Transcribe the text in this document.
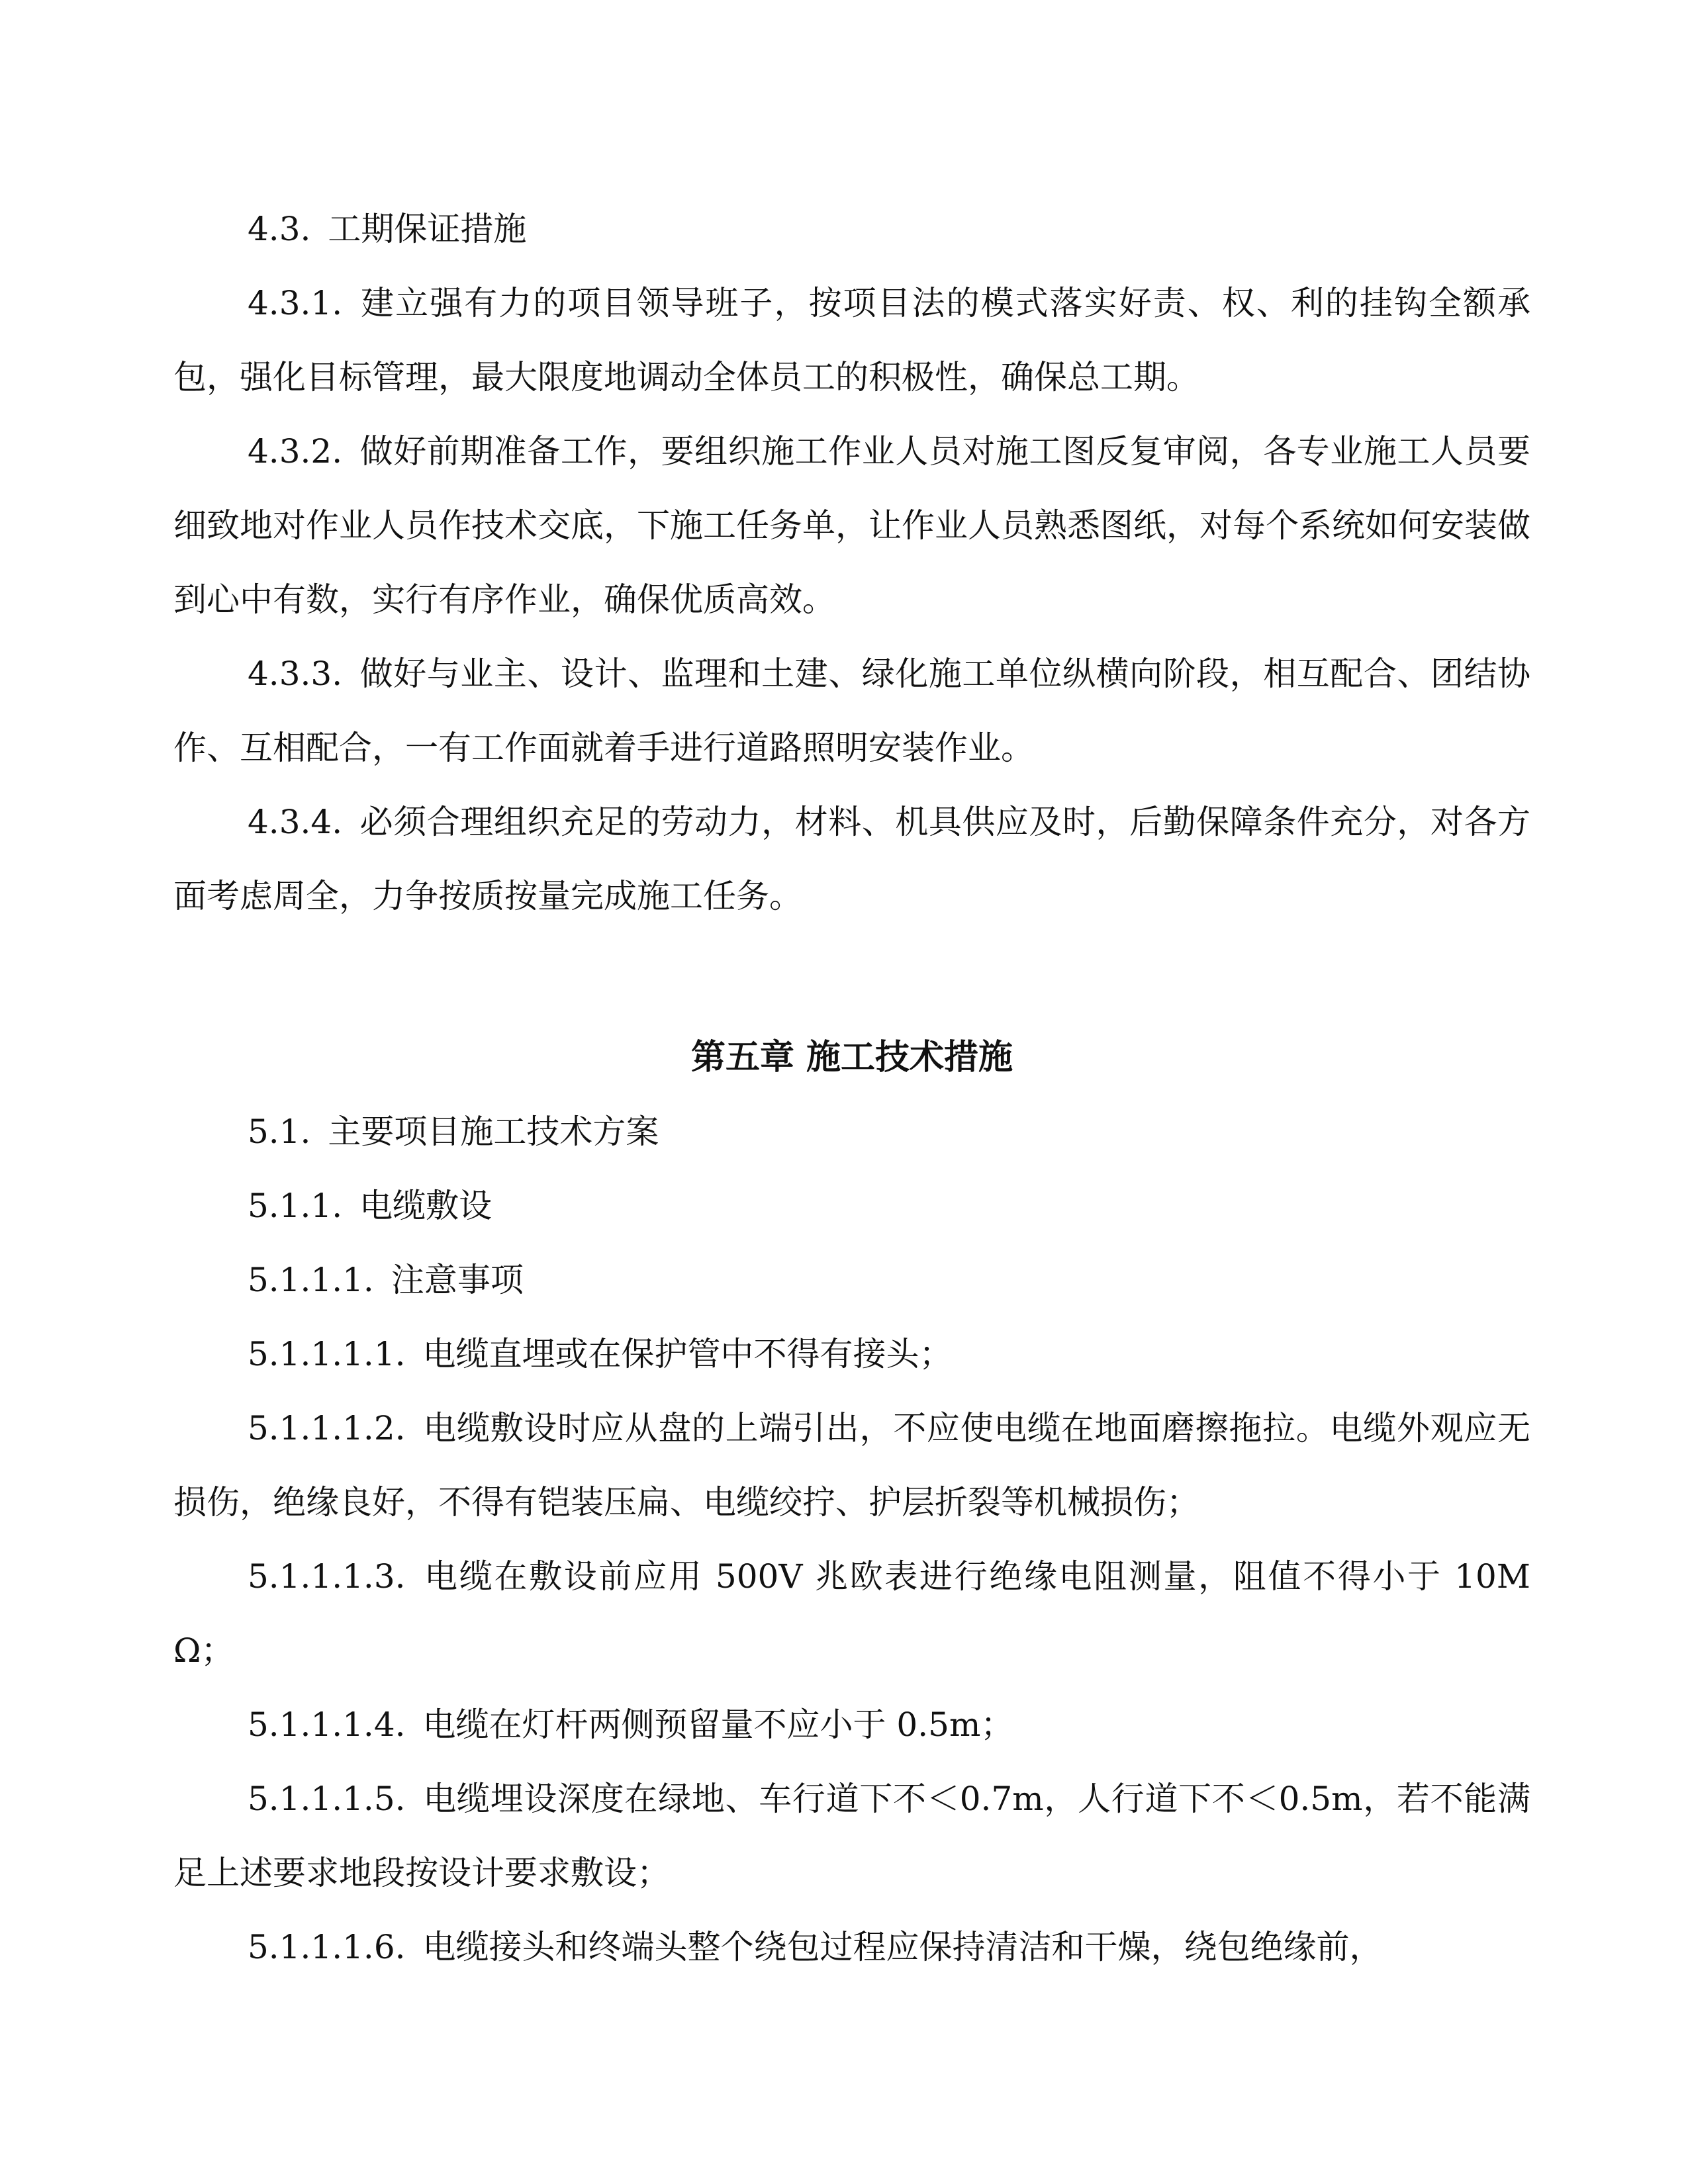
4.3. 工期保证措施

4.3.1. 建立强有力的项目领导班子，按项目法的模式落实好责、权、利的挂钩全额承包，强化目标管理，最大限度地调动全体员工的积极性，确保总工期。

4.3.2. 做好前期准备工作，要组织施工作业人员对施工图反复审阅，各专业施工人员要细致地对作业人员作技术交底，下施工任务单，让作业人员熟悉图纸，对每个系统如何安装做到心中有数，实行有序作业，确保优质高效。

4.3.3. 做好与业主、设计、监理和土建、绿化施工单位纵横向阶段，相互配合、团结协作、互相配合，一有工作面就着手进行道路照明安装作业。

4.3.4. 必须合理组织充足的劳动力，材料、机具供应及时，后勤保障条件充分，对各方面考虑周全，力争按质按量完成施工任务。

第五章 施工技术措施

5.1. 主要项目施工技术方案

5.1.1. 电缆敷设

5.1.1.1. 注意事项

5.1.1.1.1. 电缆直埋或在保护管中不得有接头；

5.1.1.1.2. 电缆敷设时应从盘的上端引出，不应使电缆在地面磨擦拖拉。电缆外观应无损伤，绝缘良好，不得有铠装压扁、电缆绞拧、护层折裂等机械损伤；

5.1.1.1.3. 电缆在敷设前应用 500V 兆欧表进行绝缘电阻测量，阻值不得小于 10MΩ；

5.1.1.1.4. 电缆在灯杆两侧预留量不应小于 0.5m；

5.1.1.1.5. 电缆埋设深度在绿地、车行道下不＜0.7m，人行道下不＜0.5m，若不能满足上述要求地段按设计要求敷设；

5.1.1.1.6. 电缆接头和终端头整个绕包过程应保持清洁和干燥，绕包绝缘前，
